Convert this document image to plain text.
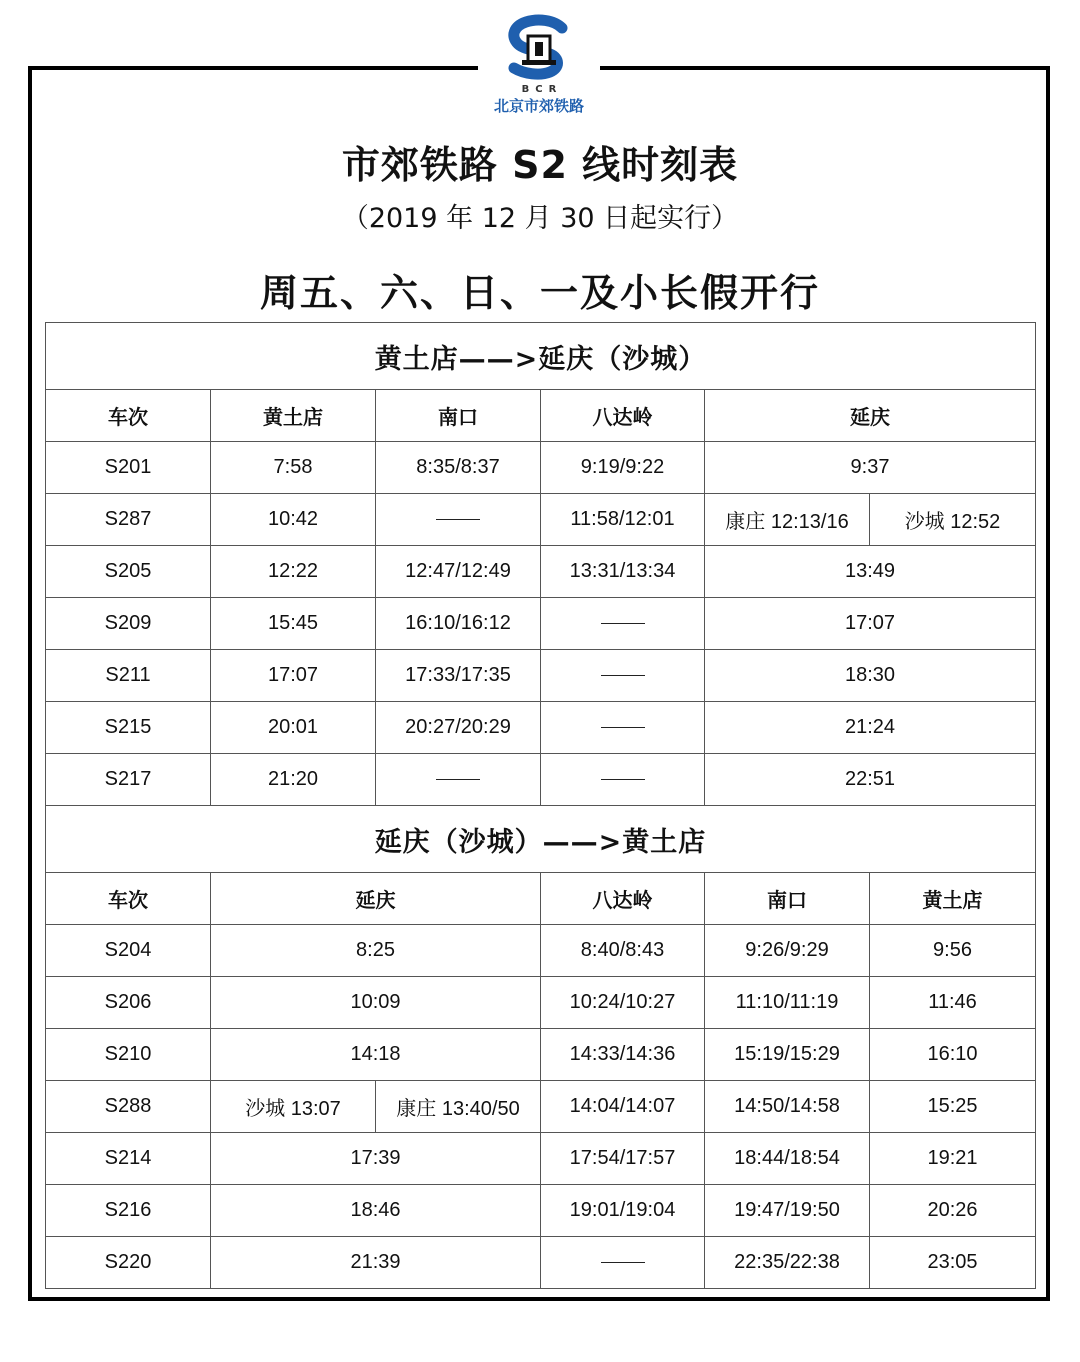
BCR
北京市郊铁路
市郊铁路 S2 线时刻表
（2019 年 12 月 30 日起实行）
周五、六、日、一及小长假开行
黄土店——>延庆（沙城）					
车次	黄土店	南口	八达岭	延庆	
S201	7:58	8:35/8:37	9:19/9:22	9:37	
S287	10:42		11:58/12:01	康庄 12:13/16	沙城 12:52
S205	12:22	12:47/12:49	13:31/13:34	13:49	
S209	15:45	16:10/16:12		17:07	
S211	17:07	17:33/17:35		18:30	
S215	20:01	20:27/20:29		21:24	
S217	21:20			22:51	
延庆（沙城）——>黄土店					
车次	延庆		八达岭	南口	黄土店
S204	8:25		8:40/8:43	9:26/9:29	9:56
S206	10:09		10:24/10:27	11:10/11:19	11:46
S210	14:18		14:33/14:36	15:19/15:29	16:10
S288	沙城 13:07	康庄 13:40/50	14:04/14:07	14:50/14:58	15:25
S214	17:39		17:54/17:57	18:44/18:54	19:21
S216	18:46		19:01/19:04	19:47/19:50	20:26
S220	21:39			22:35/22:38	23:05
